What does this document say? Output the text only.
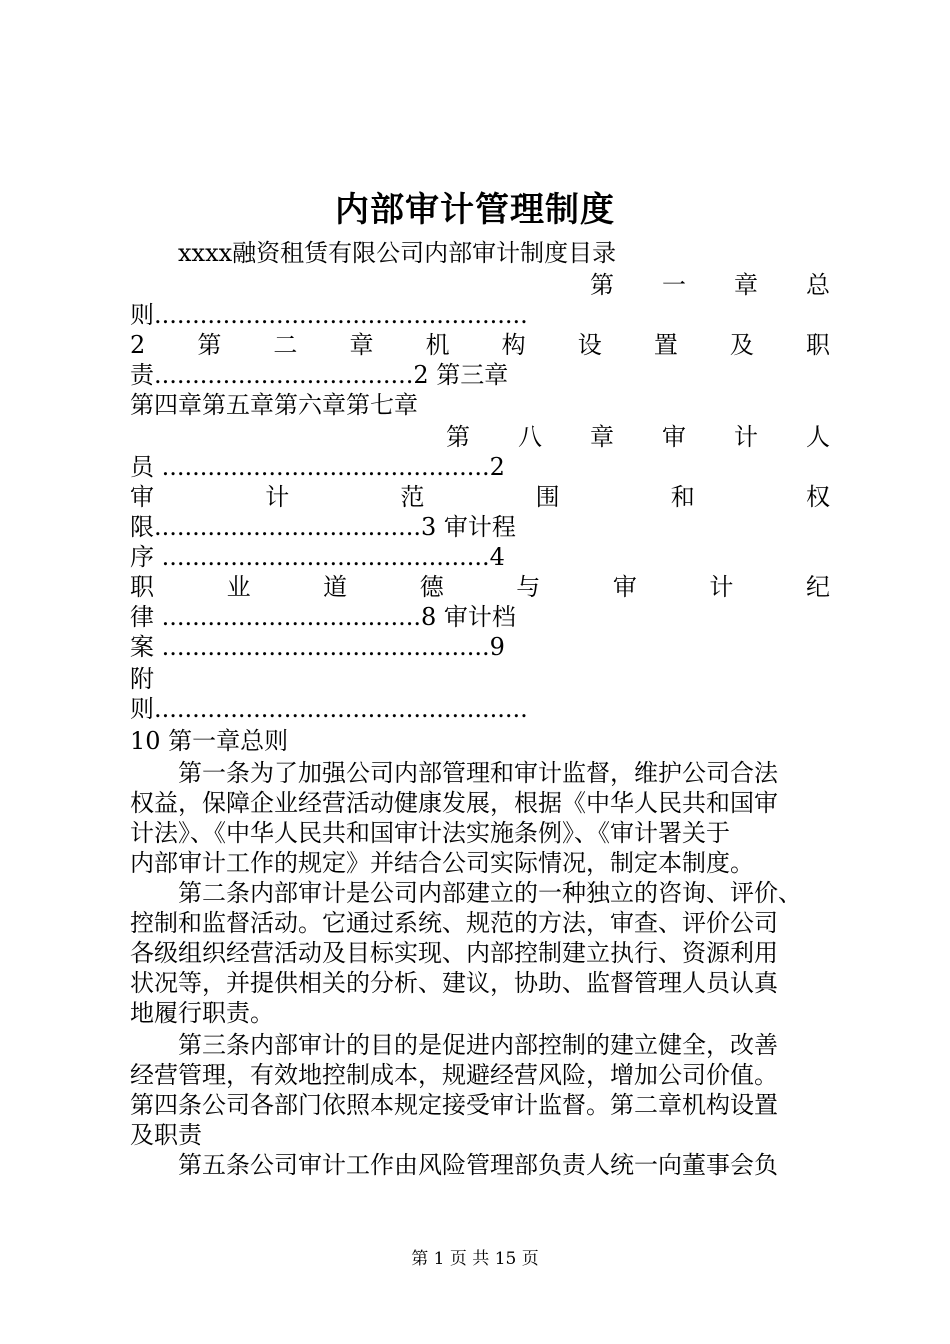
内部审计管理制度
xxxx融资租赁有限公司内部审计制度目录
第　　一　　章　　总
则.................................................
2　第　二　章　机　构　设　置　及　职
责..................................2 第三章
第四章第五章第六章第七章
第　　八　　章　　审　　计　　人
员 ...........................................2
审　　计　　范　　围　　和　　权
限...................................3 审计程
序 ...........................................4
职　业　道　德　与　审　计　纪
律 ..................................8 审计档
案 ...........................................9
附
则.................................................
10 第一章总则
　　第一条为了加强公司内部管理和审计监督，维护公司合法
权益，保障企业经营活动健康发展，根据《中华人民共和国审
计法》、《中华人民共和国审计法实施条例》、《审计署关于
内部审计工作的规定》并结合公司实际情况，制定本制度。
　　第二条内部审计是公司内部建立的一种独立的咨询、评价、
控制和监督活动。它通过系统、规范的方法，审查、评价公司
各级组织经营活动及目标实现、内部控制建立执行、资源利用
状况等，并提供相关的分析、建议，协助、监督管理人员认真
地履行职责。
　　第三条内部审计的目的是促进内部控制的建立健全，改善
经营管理，有效地控制成本，规避经营风险，增加公司价值。
第四条公司各部门依照本规定接受审计监督。第二章机构设置
及职责
　　第五条公司审计工作由风险管理部负责人统一向董事会负
第 1 页 共 15 页
